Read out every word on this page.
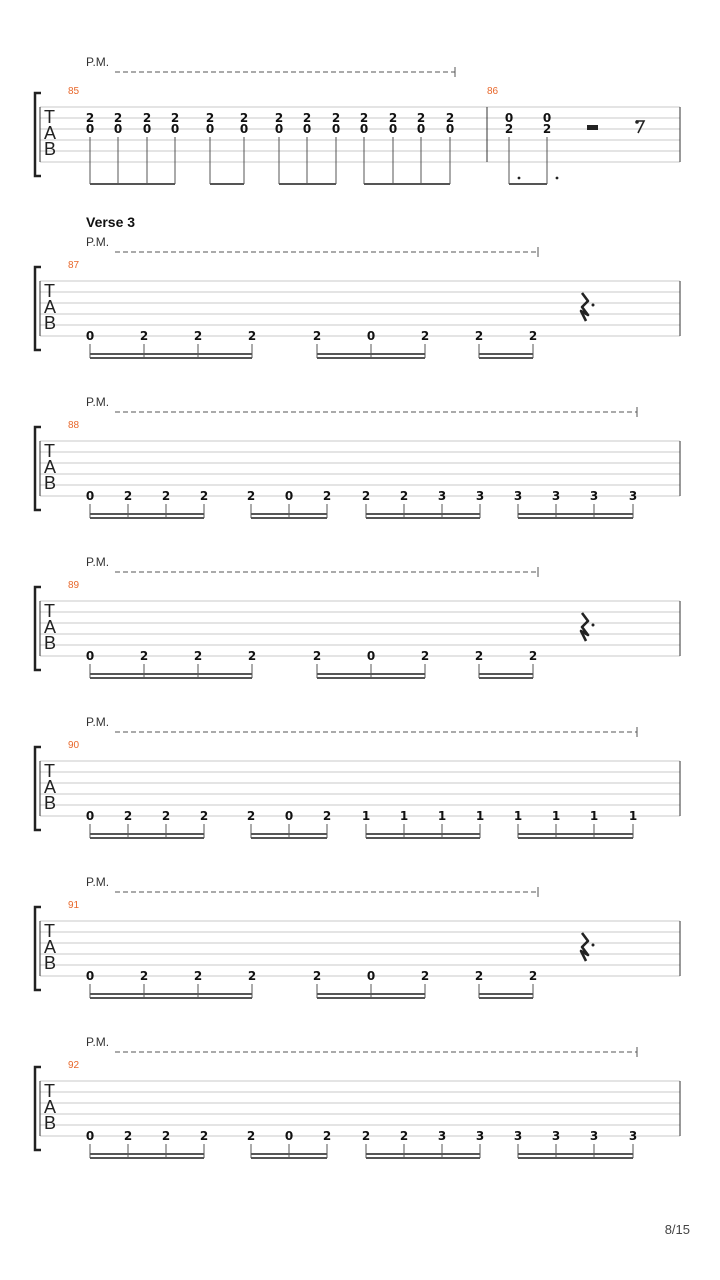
P.M.
T
A
B
85
2
0
2
0
2
0
2
0
2
0
2
0
2
0
2
0
2
0
2
0
2
0
2
0
2
0
86
0
2
0
2
Verse 3
P.M.
T
A
B
87
0	2	2	2	2	0	2	2	2
P.M.
T
A
B
88
0 2 2 2	2 0 2	2 2 3 3 3 3 3	3
P.M.
T
A
B
89
0	2	2	2	2	0	2	2	2
P.M.
T
A
B
90
0 2 2 2	2 0 2	1 1 1 1 1 1 1	1
P.M.
T
A
B
91
0	2	2	2	2	0	2	2	2
P.M.
T
A
B
92
0 2 2 2	2 0 2	2 2 3 3 3 3 3	3
8/15
